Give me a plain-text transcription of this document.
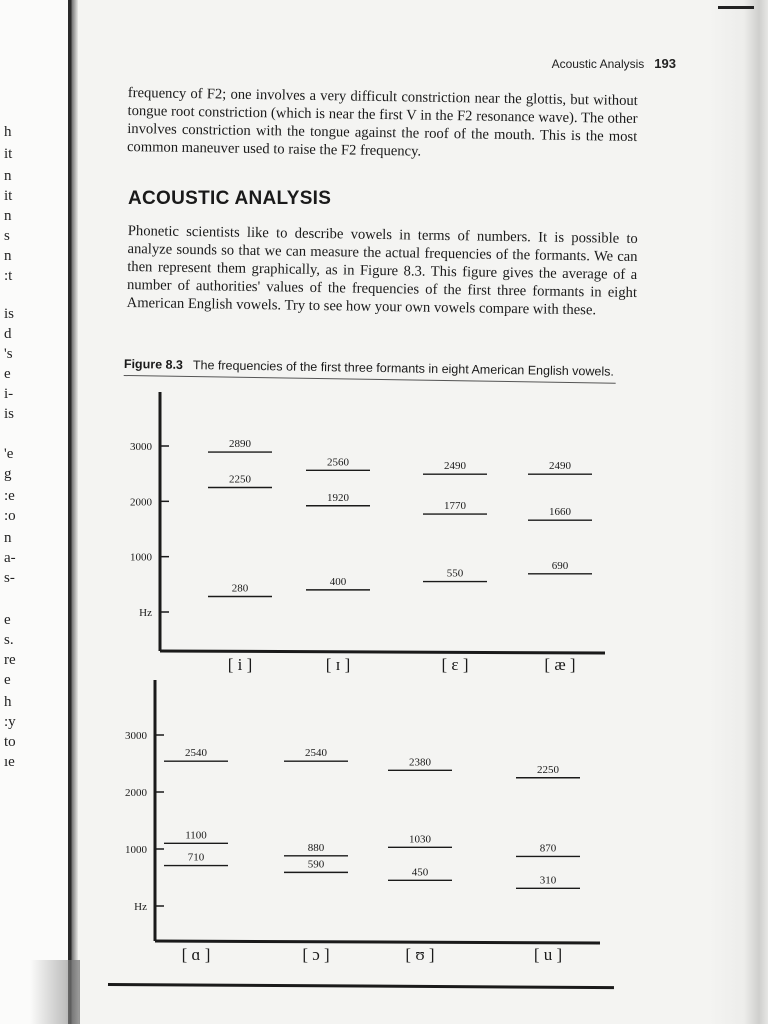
h
it
n
it
n
s
n
:t
is
d
's
e
i-
is
'e
g
:e
:o
n
a-
s-
e
s.
re
e
h
:y
to
ıe
Acoustic Analysis 193

frequency of F2; one involves a very difficult constriction near the glottis, but without tongue root constriction (which is near the first V in the F2 resonance wave). The other involves constriction with the tongue against the roof of the mouth. This is the most common maneuver used to raise the F2 frequency.

ACOUSTIC ANALYSIS

Phonetic scientists like to describe vowels in terms of numbers. It is possible to analyze sounds so that we can measure the actual frequencies of the formants. We can then represent them graphically, as in Figure 8.3. This figure gives the average of a number of authorities' values of the frequencies of the first three formants in eight American English vowels. Try to see how your own vowels compare with these.

Figure 8.3 The frequencies of the first three formants in eight American English vowels.
3000
2000
1000
Hz
280
2250
2890
[ i ]
400
1920
2560
[ ɪ ]
550
1770
2490
[ ɛ ]
690
1660
2490
[ æ ]
3000
2000
1000
Hz
710
1100
2540
[ ɑ ]
590
880
2540
[ ɔ ]
450
1030
2380
[ ʊ ]
310
870
2250
[ u ]
